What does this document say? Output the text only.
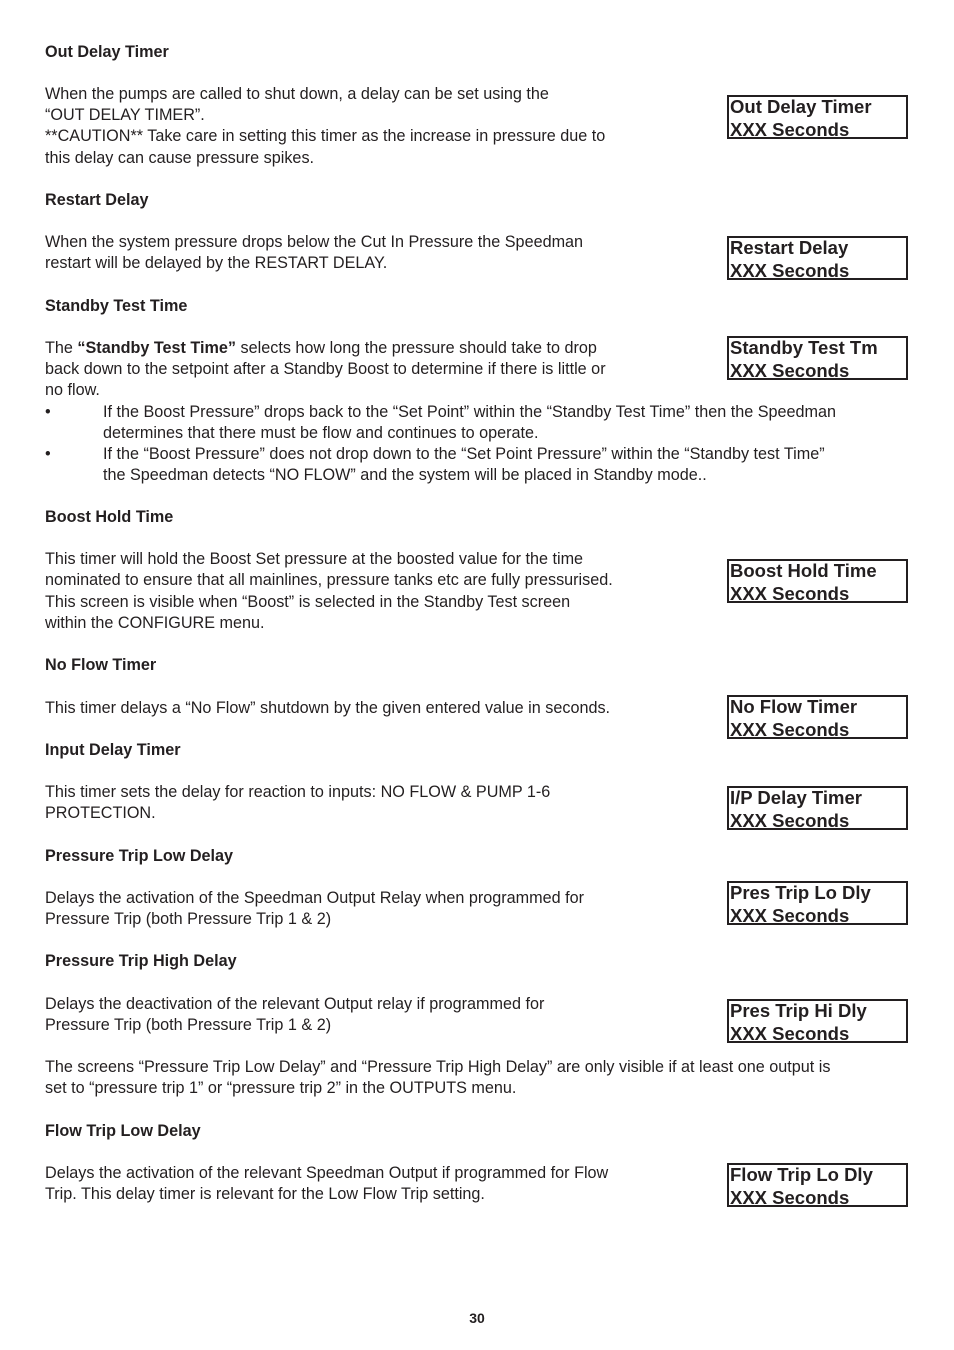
Out Delay Timer
When the pumps are called to shut down, a delay can be set using the
“OUT DELAY TIMER”.
**CAUTION** Take care in setting this timer as the increase in pressure due to
this delay can cause pressure spikes.
Out Delay Timer
XXX Seconds
Restart Delay
When the system pressure drops below the Cut In Pressure the Speedman
restart will be delayed by the RESTART DELAY.
Restart Delay
XXX Seconds
Standby Test Time
The “Standby Test Time” selects how long the pressure should take to drop
back down to the setpoint after a Standby Boost to determine if there is little or
no flow.
•	If the Boost Pressure” drops back to the “Set Point” within the “Standby Test Time” then the Speedman
determines that there must be flow and continues to operate.
•	If the “Boost Pressure” does not drop down to the “Set Point Pressure” within the “Standby test Time”
the Speedman detects “NO FLOW” and the system will be placed in Standby mode..
Standby Test Tm
XXX Seconds
Boost Hold Time
This timer will hold the Boost Set pressure at the boosted value for the time
nominated to ensure that all mainlines, pressure tanks etc are fully pressurised.
This screen is visible when “Boost” is selected in the Standby Test screen
within the CONFIGURE menu.
Boost Hold Time
XXX Seconds
No Flow Timer
This timer delays a “No Flow” shutdown by the given entered value in seconds.	No Flow Timer
XXX Seconds
Input Delay Timer
This timer sets the delay for reaction to inputs: NO FLOW & PUMP 1-6
PROTECTION.
I/P Delay Timer
XXX Seconds
Pressure Trip Low Delay
Delays the activation of the Speedman Output Relay when programmed for
Pressure Trip (both Pressure Trip 1 & 2)
Pres Trip Lo Dly
XXX Seconds
Pressure Trip High Delay
Delays the deactivation of the relevant Output relay if programmed for
Pressure Trip (both Pressure Trip 1 & 2)
The screens “Pressure Trip Low Delay” and “Pressure Trip High Delay” are only visible if at least one output is
set to “pressure trip 1” or “pressure trip 2” in the OUTPUTS menu.
Pres Trip Hi Dly
XXX Seconds
Flow Trip Low Delay
Delays the activation of the relevant Speedman Output if programmed for Flow
Trip. This delay timer is relevant for the Low Flow Trip setting.
Flow Trip Lo Dly
XXX Seconds
30
